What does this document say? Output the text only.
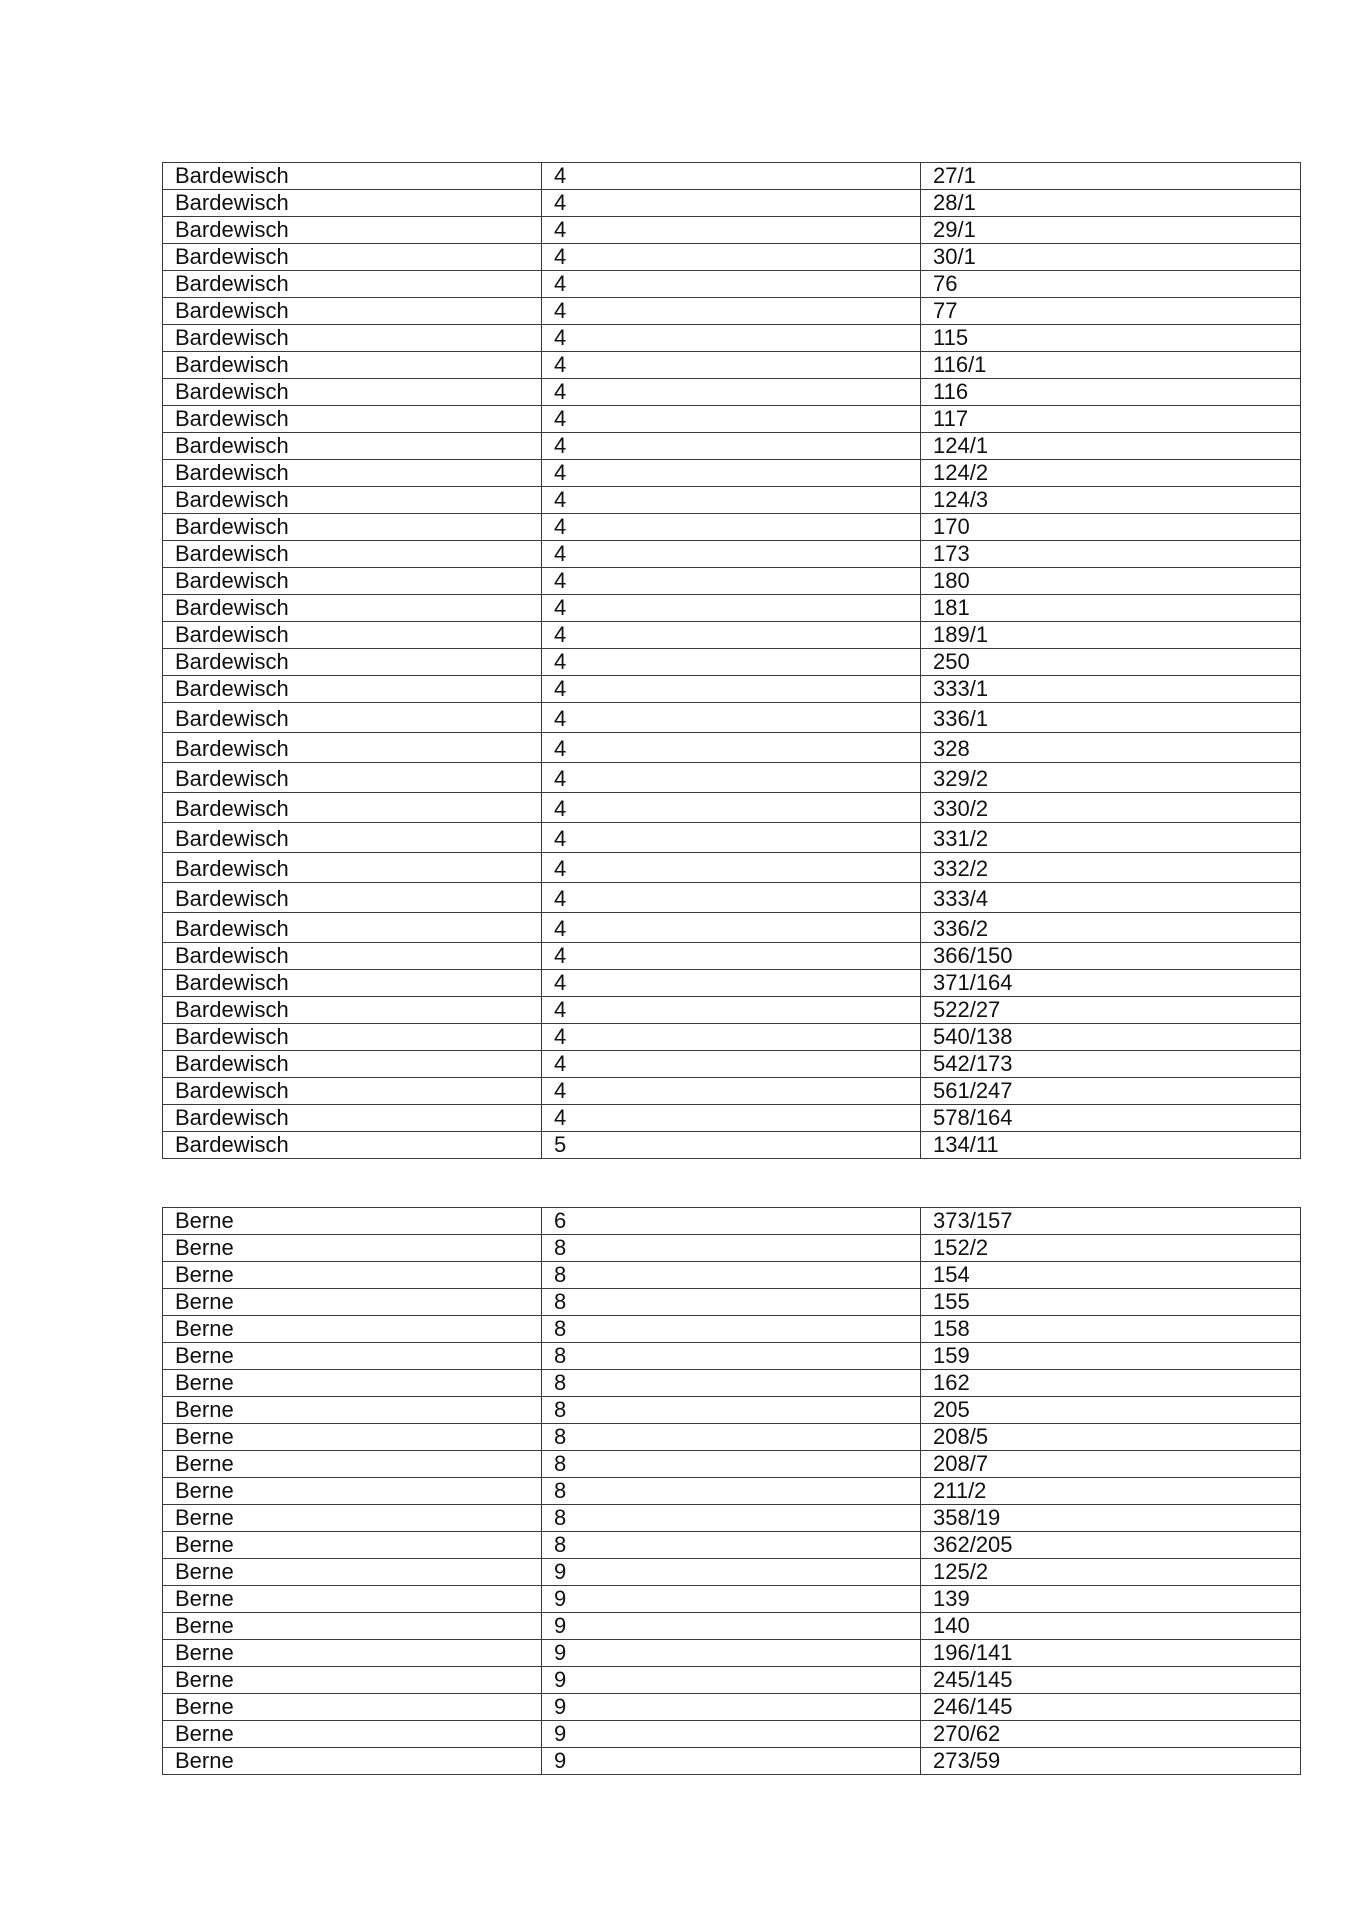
Bardewisch	4	27/1
Bardewisch	4	28/1
Bardewisch	4	29/1
Bardewisch	4	30/1
Bardewisch	4	76
Bardewisch	4	77
Bardewisch	4	115
Bardewisch	4	116/1
Bardewisch	4	116
Bardewisch	4	117
Bardewisch	4	124/1
Bardewisch	4	124/2
Bardewisch	4	124/3
Bardewisch	4	170
Bardewisch	4	173
Bardewisch	4	180
Bardewisch	4	181
Bardewisch	4	189/1
Bardewisch	4	250
Bardewisch	4	333/1
Bardewisch	4	336/1
Bardewisch	4	328
Bardewisch	4	329/2
Bardewisch	4	330/2
Bardewisch	4	331/2
Bardewisch	4	332/2
Bardewisch	4	333/4
Bardewisch	4	336/2
Bardewisch	4	366/150
Bardewisch	4	371/164
Bardewisch	4	522/27
Bardewisch	4	540/138
Bardewisch	4	542/173
Bardewisch	4	561/247
Bardewisch	4	578/164
Bardewisch	5	134/11
Berne	6	373/157
Berne	8	152/2
Berne	8	154
Berne	8	155
Berne	8	158
Berne	8	159
Berne	8	162
Berne	8	205
Berne	8	208/5
Berne	8	208/7
Berne	8	211/2
Berne	8	358/19
Berne	8	362/205
Berne	9	125/2
Berne	9	139
Berne	9	140
Berne	9	196/141
Berne	9	245/145
Berne	9	246/145
Berne	9	270/62
Berne	9	273/59
